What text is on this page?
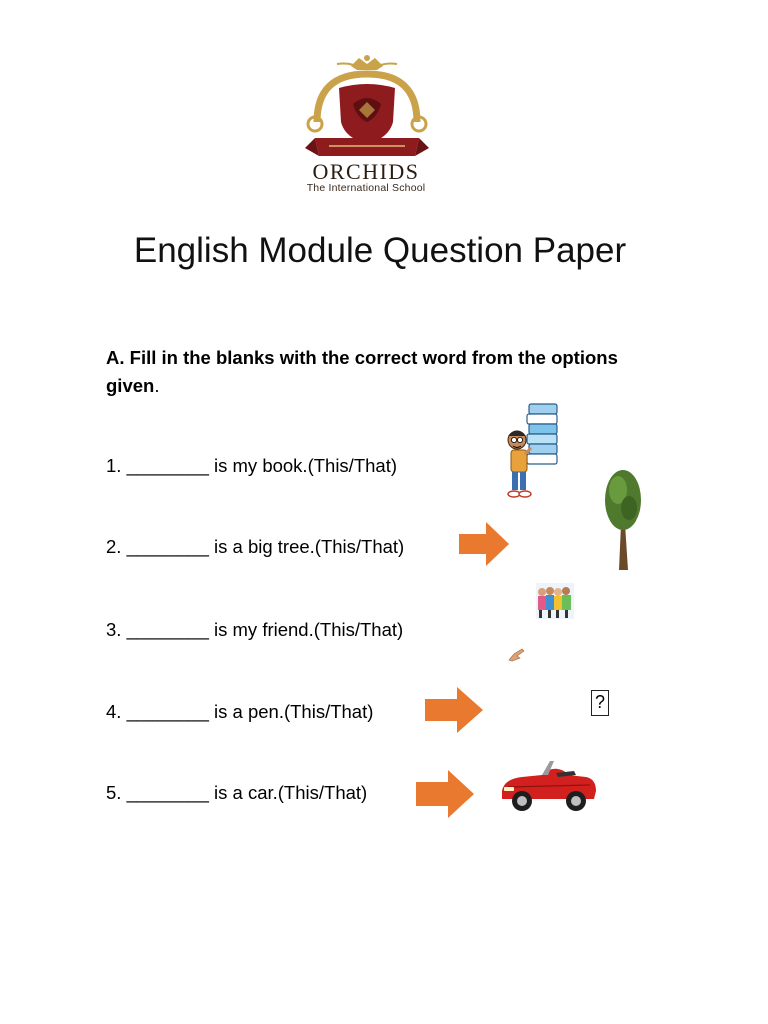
ORCHIDS
The International School
English Module Question Paper
A. Fill in the blanks with the correct word from the options given.
1. ________ is my book.(This/That)
2. ________ is a big tree.(This/That)
3. ________ is my friend.(This/That)
4. ________ is a pen.(This/That)
5. ________ is a car.(This/That)
?
